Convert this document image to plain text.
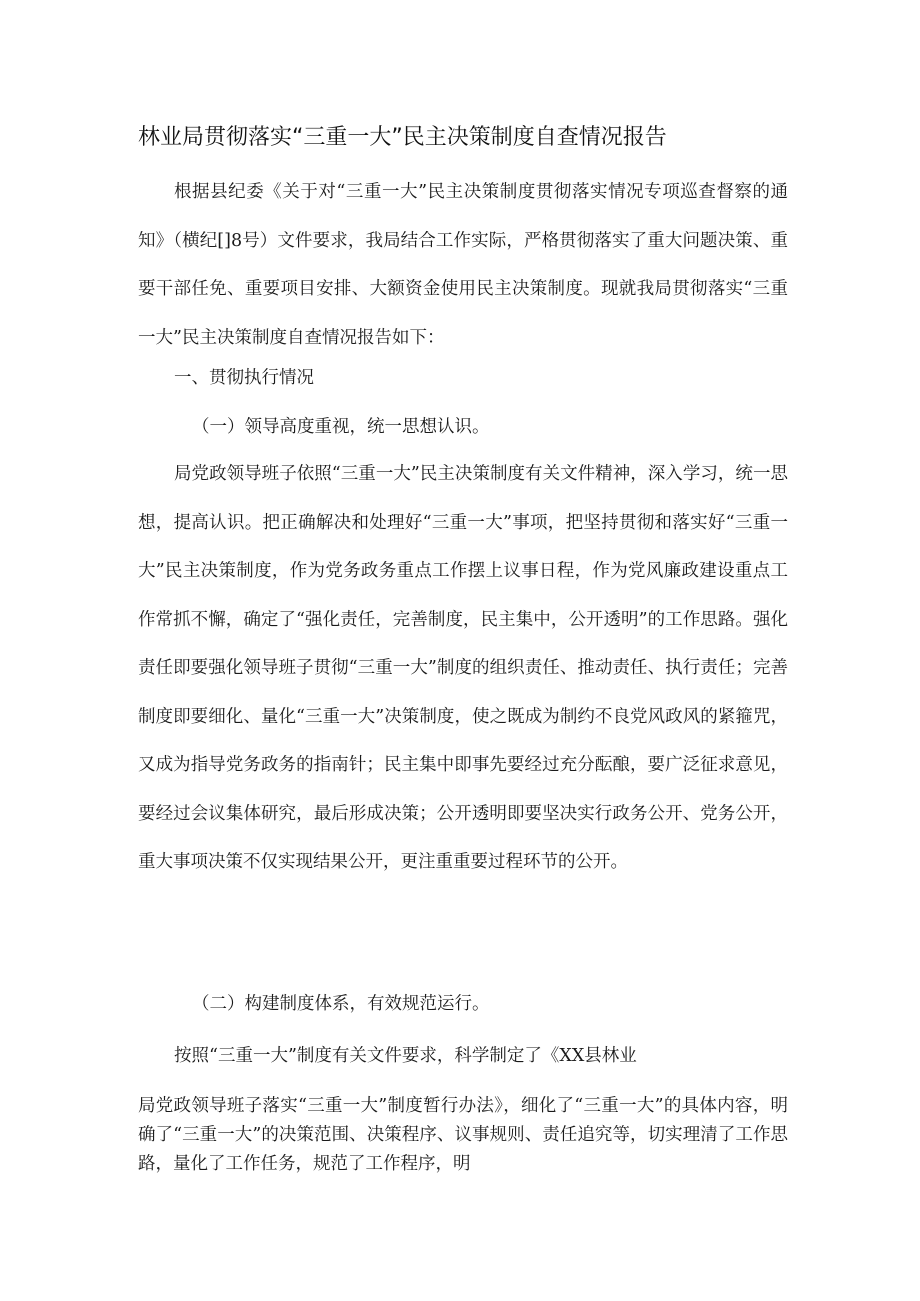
林业局贯彻落实“三重一大”民主决策制度自查情况报告

根据县纪委《关于对“三重一大”民主决策制度贯彻落实情况专项巡查督察的通知》（横纪[]8号）文件要求，我局结合工作实际，严格贯彻落实了重大问题决策、重要干部任免、重要项目安排、大额资金使用民主决策制度。现就我局贯彻落实“三重一大”民主决策制度自查情况报告如下：

一、贯彻执行情况

（一）领导高度重视，统一思想认识。

局党政领导班子依照“三重一大”民主决策制度有关文件精神，深入学习，统一思想，提高认识。把正确解决和处理好“三重一大”事项，把坚持贯彻和落实好“三重一大”民主决策制度，作为党务政务重点工作摆上议事日程，作为党风廉政建设重点工作常抓不懈，确定了“强化责任，完善制度，民主集中，公开透明”的工作思路。强化责任即要强化领导班子贯彻“三重一大”制度的组织责任、推动责任、执行责任；完善制度即要细化、量化“三重一大”决策制度，使之既成为制约不良党风政风的紧箍咒，又成为指导党务政务的指南针；民主集中即事先要经过充分酝酿，要广泛征求意见，要经过会议集体研究，最后形成决策；公开透明即要坚决实行政务公开、党务公开，重大事项决策不仅实现结果公开，更注重重要过程环节的公开。

（二）构建制度体系，有效规范运行。

按照“三重一大”制度有关文件要求，科学制定了《XX县林业

局党政领导班子落实“三重一大”制度暂行办法》，细化了“三重一大”的具体内容，明确了“三重一大”的决策范围、决策程序、议事规则、责任追究等，切实理清了工作思路，量化了工作任务，规范了工作程序，明
